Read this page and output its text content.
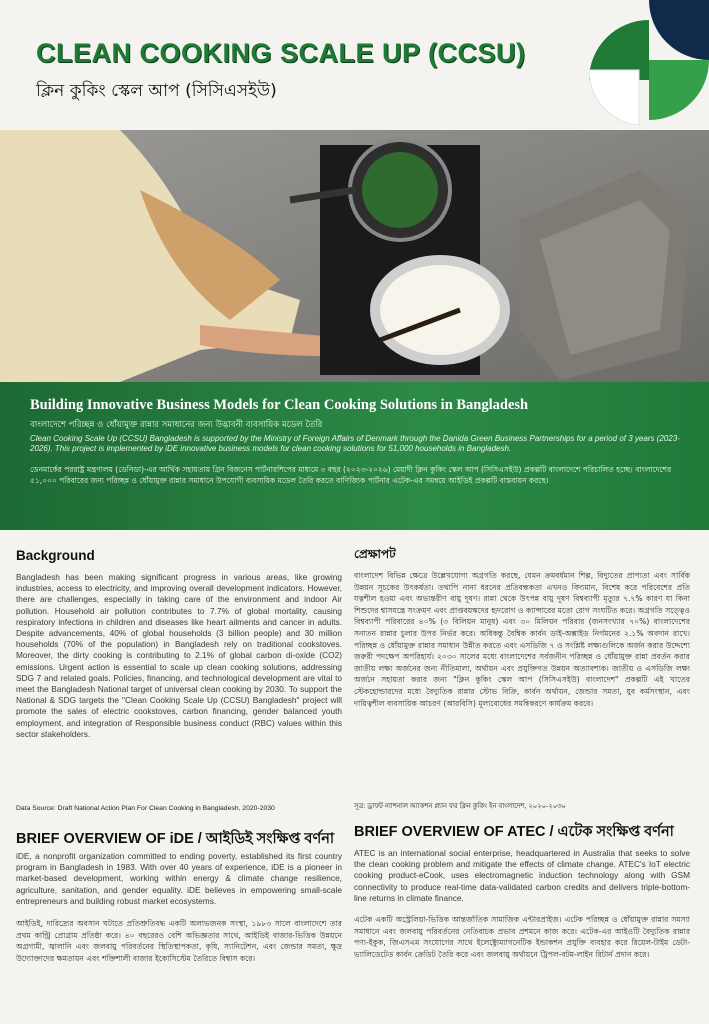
CLEAN COOKING SCALE UP (CCSU)
ক্লিন কুকিং স্কেল আপ (সিসিএসইউ)
Building Innovative Business Models for Clean Cooking Solutions in Bangladesh
বাংলাদেশে পরিচ্ছন্ন ও ধোঁয়ামুক্ত রান্নার সমাধানের জন্য উদ্ভাবনী ব্যবসায়িক মডেল তৈরি
Clean Cooking Scale Up (CCSU) Bangladesh is supported by the Ministry of Foreign Affairs of Denmark through the Danida Green Business Partnerships for a period of 3 years (2023-2026). This project is implemented by iDE innovative business models for clean cooking solutions for 51,000 households in Bangladesh.
ডেনমার্কের পররাষ্ট্র মন্ত্রণালয় (ডেনিডা)-এর আর্থিক সহায়তায় গ্রিন বিজনেস পার্টনারশিপের মাধ্যমে ৩ বছর (২০২৩-২০২৬) মেয়াদী ক্লিন কুকিং স্কেল আপ (সিসিএসইউ) প্রকল্পটি বাংলাদেশে পরিচালিত হচ্ছে। বাংলাদেশের ৫১,০০০ পরিবারের জন্য পরিচ্ছন্ন ও ধোঁয়ামুক্ত রান্নার সমাধানে উপযোগী ব্যবসায়িক মডেল তৈরি করতে বাণিজ্যিক পার্টনার এটেক-এর সমন্বয়ে আইডিই প্রকল্পটি বাস্তবায়ন করছে।
Background
Bangladesh has been making significant progress in various areas, like growing industries, access to electricity, and improving overall development indicators. However, there are challenges, especially in taking care of the environment and indoor Air pollution. Household air pollution contributes to 7.7% of global mortality, causing respiratory infections in children and diseases like heart ailments and cancer in adults. Despite advancements, 40% of global households (3 billion people) and 30 million households (70% of the population) in Bangladesh rely on traditional cookstoves. Moreover, the dirty cooking is contributing to 2.1% of global carbon di-oxide (CO2) emissions. Urgent action is essential to scale up clean cooking solutions, addressing SDG 7 and related goals. Policies, financing, and technological development are vital to meet the Bangladesh National target of universal clean cooking by 2030. To support the National & SDG targets the "Clean Cooking Scale Up (CCSU) Bangladesh" project will promote the sales of electric cookstoves, carbon financing, gender balanced youth employment, and integration of Responsible business conduct (RBC) values within this sector stakeholders.
Data Source: Draft National Action Plan For Clean Cooking in Bangladesh, 2020-2030
প্রেক্ষাপট
বাংলাদেশ বিভিন্ন ক্ষেত্রে উল্লেখযোগ্য অগ্রগতি করছে, যেমন ক্রমবর্ধমান শিল্প, বিদ্যুতের প্রাপ্যতা এবং সার্বিক উন্নয়ন সূচকের উৎকর্ষতা। তথাপি নানা ধরনের প্রতিবন্ধকতা এখনও বিদ্যমান, বিশেষ করে পরিবেশের প্রতি যত্নশীল হওয়া এবং অভ্যন্তরীণ বায়ু দূষণ। রান্না থেকে উৎপন্ন বায়ু দূষণ বিশ্বব্যাপী মৃত্যুর ৭.৭% কারণ যা কিনা শিশুদের শ্বাসযন্ত্রে সংক্রমণ এবং প্রাপ্তবয়স্কদের হৃদরোগ ও ক্যান্সারের মতো রোগ সংঘটিত করে। অগ্রগতি সত্ত্বেও বিশ্বব্যাপী পরিবারের ৪০% (৩ বিলিয়ন মানুষ) এবং ৩০ মিলিয়ন পরিবার (জনসংখ্যার ৭০%) বাংলাদেশের সনাতন রান্নার চুলার উপর নির্ভর করে। অধিকন্তু বৈশ্বিক কার্বন ডাই-অক্সাইড নির্গমনের ২.১% অবদান রাখে। পরিচ্ছন্ন ও ধোঁয়ামুক্ত রান্নার সমাধান উন্নীত করতে এবং এসডিজি ৭ ও সংশ্লিষ্ট লক্ষ্যগুলিকে অর্জন করার উদ্দেশ্যে জরুরী পদক্ষেপ অপরিহার্য। ২০৩০ সালের মধ্যে বাংলাদেশের সর্বজনীন পরিচ্ছন্ন ও ধোঁয়ামুক্ত রান্না প্রবর্তন করার জাতীয় লক্ষ্য অর্জনের জন্য নীতিমালা, অর্থায়ন এবং প্রযুক্তিগত উন্নয়ন অত্যাবশ্যক। জাতীয় ও এসডিজি লক্ষ্য অর্জনে সহায়তা করার জন্য "ক্লিন কুকিং স্কেল আপ (সিসিএসইউ) বাংলাদেশ" প্রকল্পটি এই খাতের স্টেকহোল্ডারদের মধ্যে বৈদ্যুতিক রান্নার স্টোভ বিক্রি, কার্বন অর্থায়ন, জেন্ডার সমতা, যুব কর্মসংস্থান, এবং দায়িত্বশীল ব্যবসায়িক আচরণ (আরবিসি) মূল্যবোধের সমন্বিকরণে কার্যক্রম করবে।
সূত্র: ড্রাফট ন্যাশনাল অ্যাকশন প্ল্যান ফর ক্লিন কুকিং ইন বাংলাদেশ, ২০২০-২০৩০
BRIEF OVERVIEW OF iDE / আইডিই সংক্ষিপ্ত বর্ণনা
iDE, a nonprofit organization committed to ending poverty, established its first country program in Bangladesh in 1983. With over 40 years of experience, iDE is a pioneer in market-based development, working within energy & climate change resilience, agriculture, sanitation, and gender equality. iDE believes in empowering small-scale entrepreneurs and building robust market ecosystems.
আইডিই, দারিদ্র্যের অবসান ঘটাতে প্রতিশ্রুতিবদ্ধ একটি অলাভজনক সংস্থা, ১৯৮৩ সালে বাংলাদেশে তার প্রথম কান্ট্রি প্রোগ্রাম প্রতিষ্ঠা করে। ৪০ বছরেরও বেশি অভিজ্ঞতার সাথে, আইডিই বাজার-ভিত্তিক উন্নয়নে অগ্রগামী, জ্বালানি এবং জলবায়ু পরিবর্তনের স্থিতিস্থাপকতা, কৃষি, স্যানিটেশন, এবং জেন্ডার সমতা, ক্ষুদ্র উদ্যোক্তাদের ক্ষমতায়ন এবং শক্তিশালী বাজার ইকোসিস্টেম তৈরিতে বিশ্বাস করে।
BRIEF OVERVIEW OF ATEC / এটেক সংক্ষিপ্ত বর্ণনা
ATEC is an international social enterprise, headquartered in Australia that seeks to solve the clean cooking problem and mitigate the effects of climate change. ATEC's IoT electric cooking product-eCook, uses electromagnetic induction technology along with GSM connectivity to produce real-time data-validated carbon credits and delivers triple-bottom-line returns in climate finance.
এটেক একটি অস্ট্রেলিয়া-ভিত্তিক আন্তর্জাতিক সামাজিক এন্টারপ্রাইজ। এটেক পরিচ্ছন্ন ও ধোঁয়ামুক্ত রান্নার সমস্যা সমাধানে এবং জলবায়ু পরিবর্তনের নেতিবাচক প্রভাব প্রশমনে কাজ করে। এটেক-এর আইওটি বৈদ্যুতিক রান্নার পণ্য-ইকুক, জিএসএম সংযোগের সাথে ইলেক্ট্রোম্যাগনেটিক ইন্ডাকশন প্রযুক্তি ব্যবহার করে রিয়েল-টাইম ডেটা-ভ্যালিডেটেড কার্বন ক্রেডিট তৈরি করে এবং জলবায়ু অর্থায়নে ট্রিপল-বটম-লাইন রিটার্ন প্রদান করে।
